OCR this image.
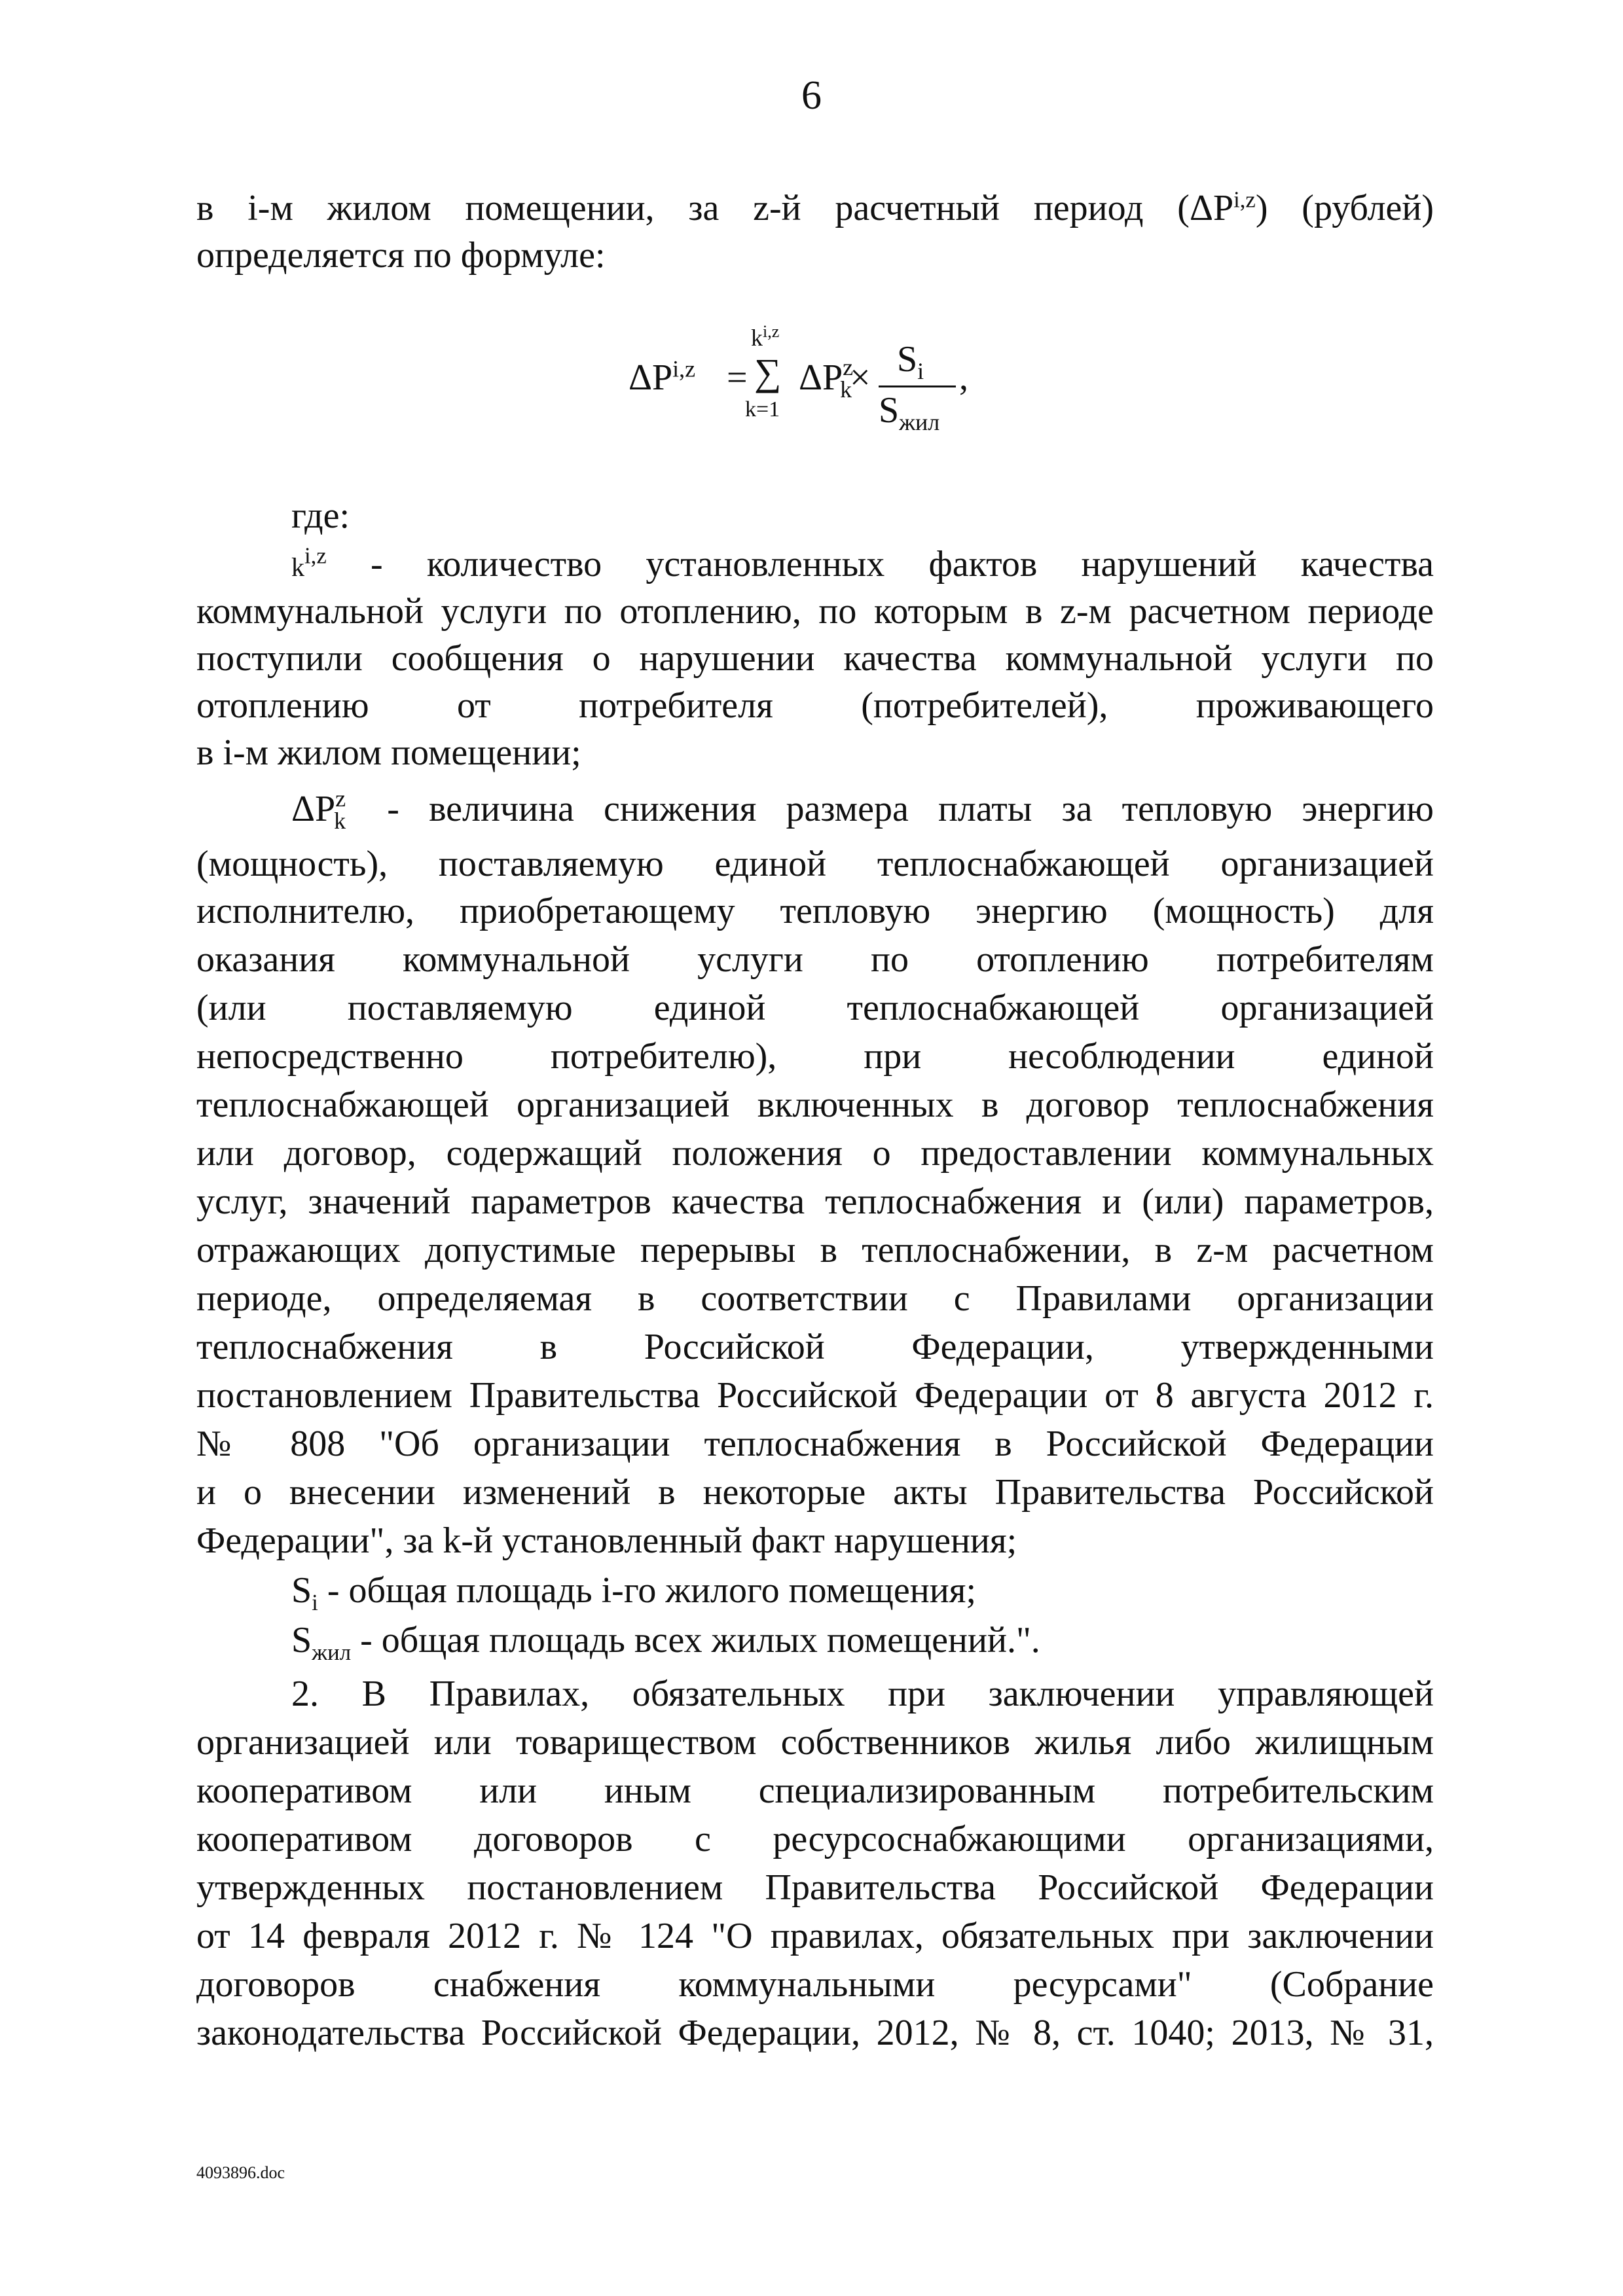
6
в i-м жилом помещении, за z-й расчетный период (ΔP$^{i,z}$) (рублей)
определяется по формуле:
ΔP$^{i,z}$ =
$k^{i,z}$
∑
k=1
$\Delta P^z_k$
× $S_i$
$S_{жил}$
,
где:
$k^{i,z}$ - количество установленных фактов нарушений качества
коммунальной услуги по отоплению, по которым в z-м расчетном периоде
поступили сообщения о нарушении качества коммунальной услуги по
отоплению от потребителя (потребителей), проживающего
в i-м жилом помещении;
$\Delta P^z_k$ - величина снижения размера платы за тепловую энергию
(мощность), поставляемую единой теплоснабжающей организацией
исполнителю, приобретающему тепловую энергию (мощность) для
оказания коммунальной услуги по отоплению потребителям
(или поставляемую единой теплоснабжающей организацией
непосредственно потребителю), при несоблюдении единой
теплоснабжающей организацией включенных в договор теплоснабжения
или договор, содержащий положения о предоставлении коммунальных
услуг, значений параметров качества теплоснабжения и (или) параметров,
отражающих допустимые перерывы в теплоснабжении, в z-м расчетном
периоде, определяемая в соответствии с Правилами организации
теплоснабжения в Российской Федерации, утвержденными
постановлением Правительства Российской Федерации от 8 августа 2012 г.
№ 808 "Об организации теплоснабжения в Российской Федерации
и о внесении изменений в некоторые акты Правительства Российской
Федерации", за k-й установленный факт нарушения;
$S_i$ - общая площадь i-го жилого помещения;
$S_{жил}$ - общая площадь всех жилых помещений.".
2. В Правилах, обязательных при заключении управляющей
организацией или товариществом собственников жилья либо жилищным
кооперативом или иным специализированным потребительским
кооперативом договоров с ресурсоснабжающими организациями,
утвержденных постановлением Правительства Российской Федерации
от 14 февраля 2012 г. № 124 "О правилах, обязательных при заключении
договоров снабжения коммунальными ресурсами" (Собрание
законодательства Российской Федерации, 2012, № 8, ст. 1040; 2013, № 31,
4093896.doc
